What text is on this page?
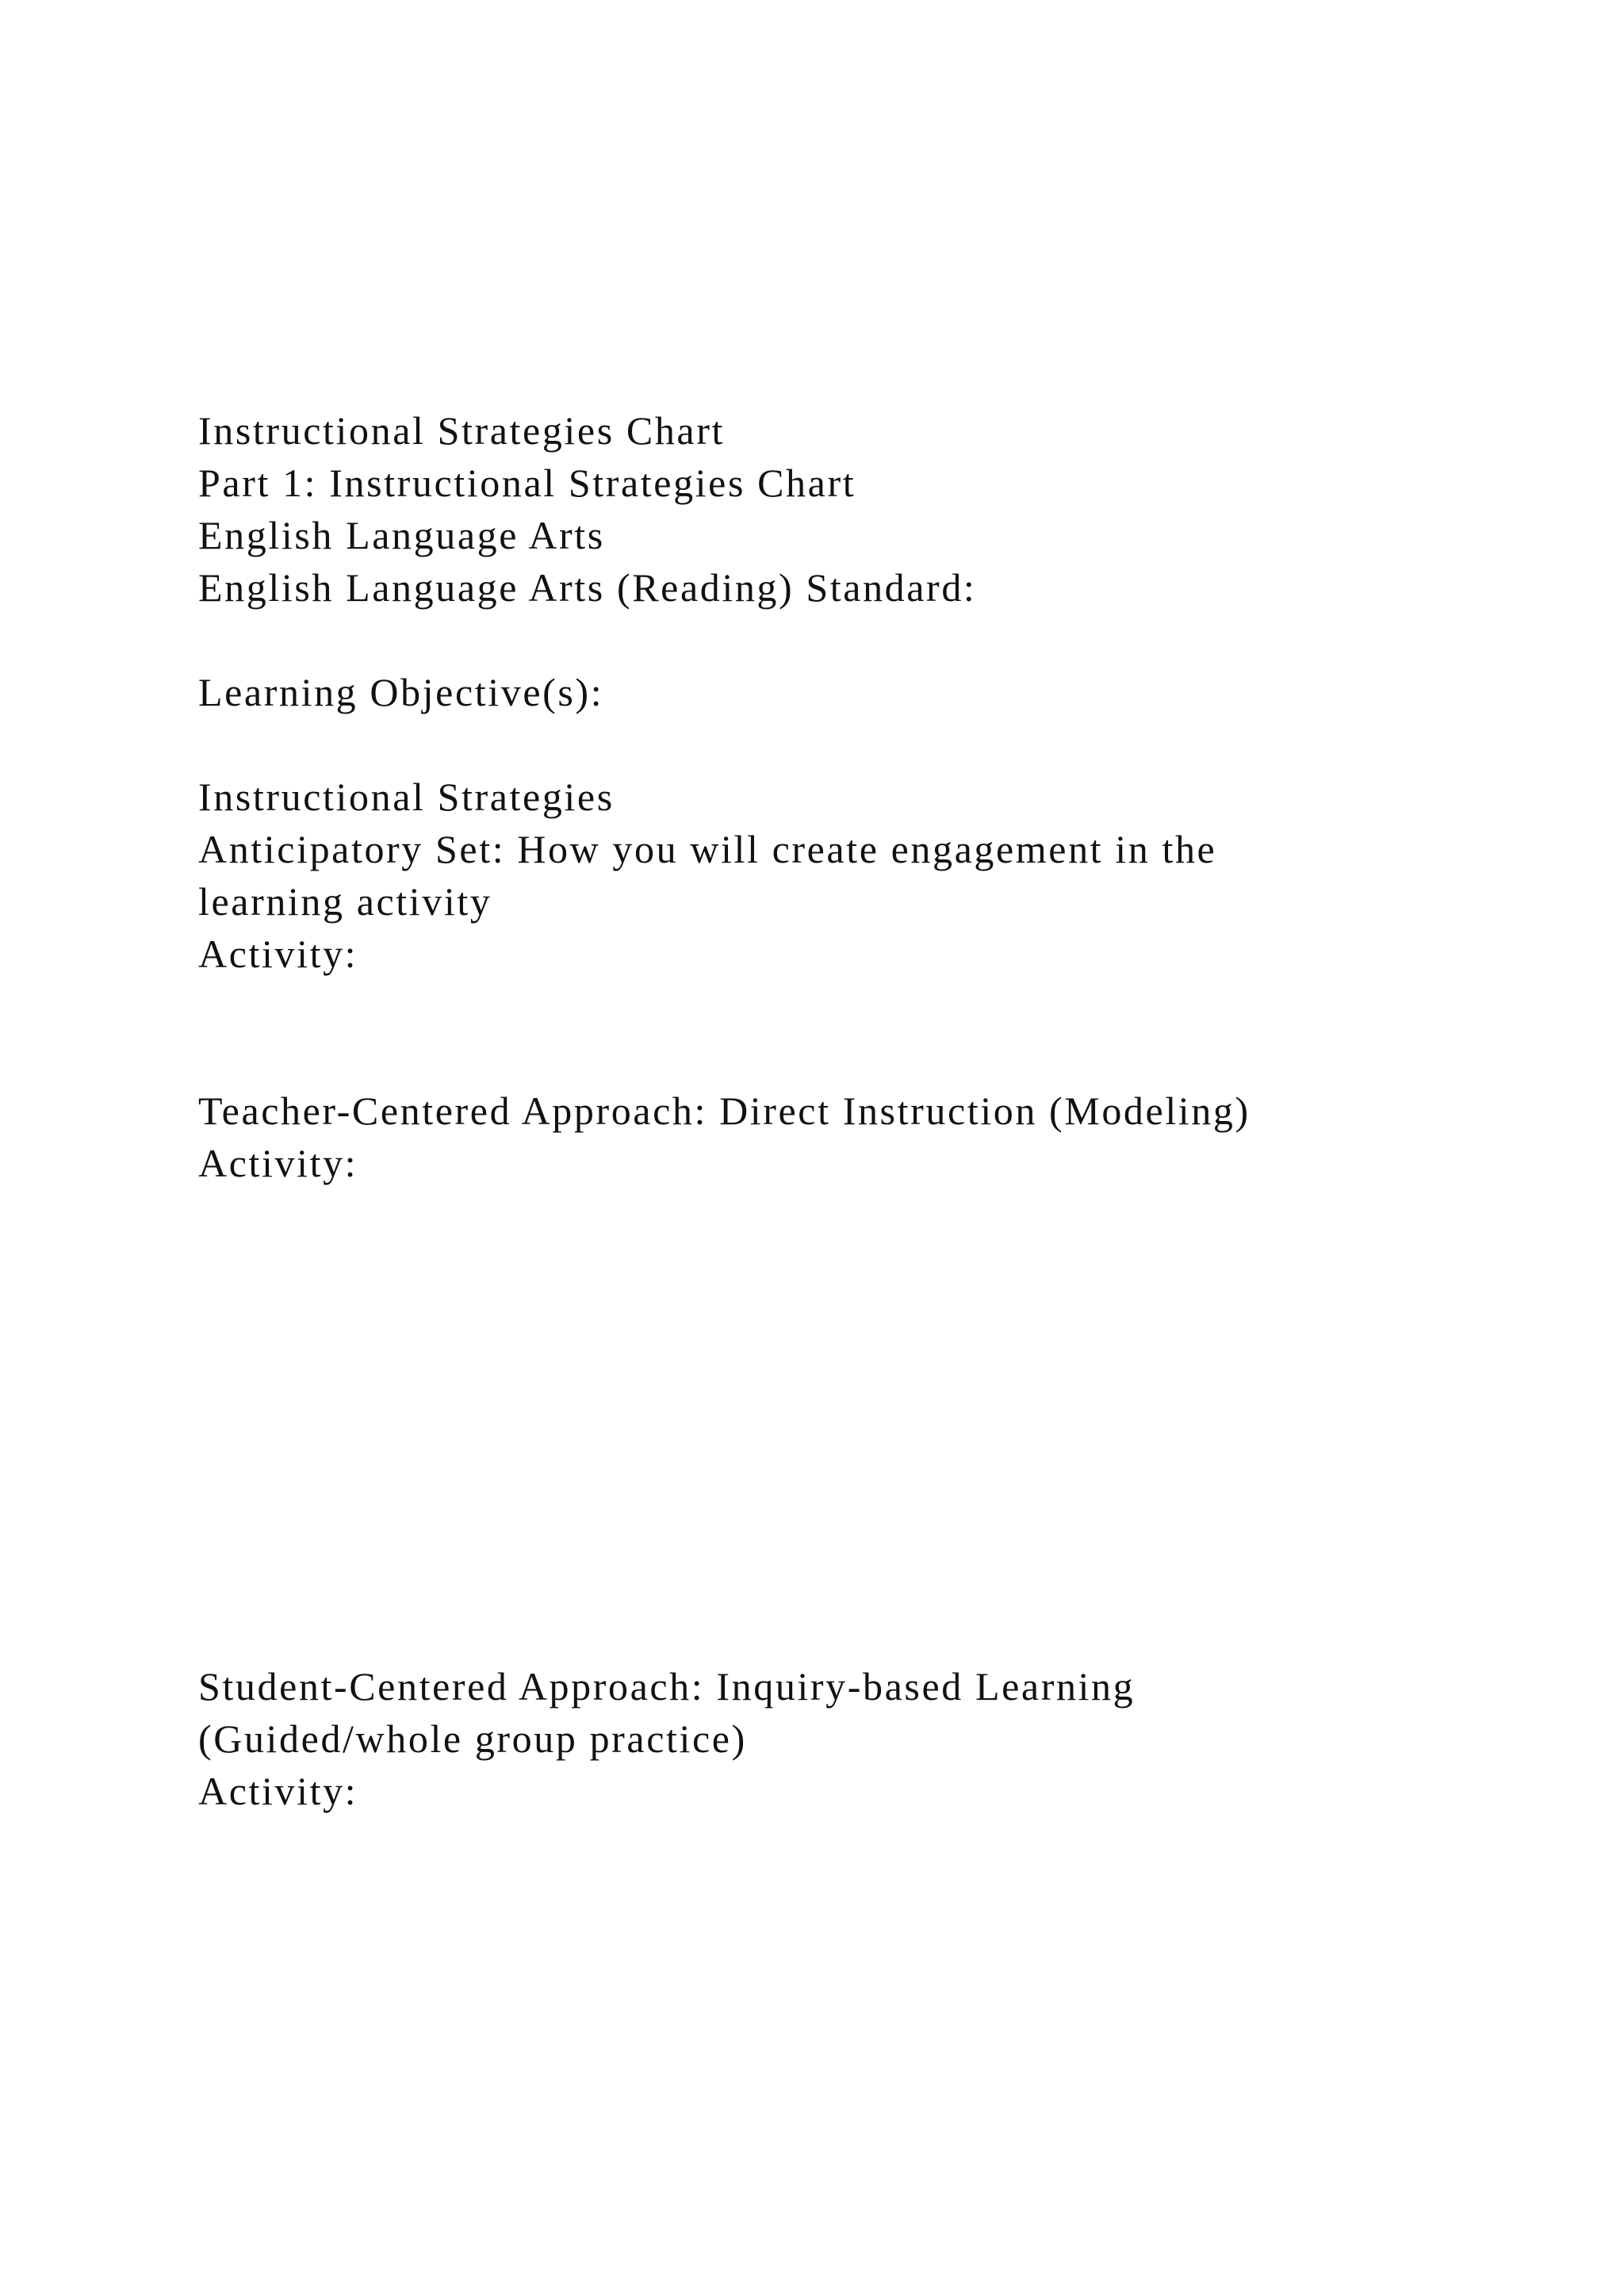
Instructional Strategies Chart
Part 1: Instructional Strategies Chart
English Language Arts
English Language Arts (Reading) Standard:
Learning Objective(s):
Instructional Strategies
Anticipatory Set: How you will create engagement in the
learning activity
Activity:
Teacher-Centered Approach: Direct Instruction (Modeling)
Activity:
Student-Centered Approach: Inquiry-based Learning
(Guided/whole group practice)
Activity:
